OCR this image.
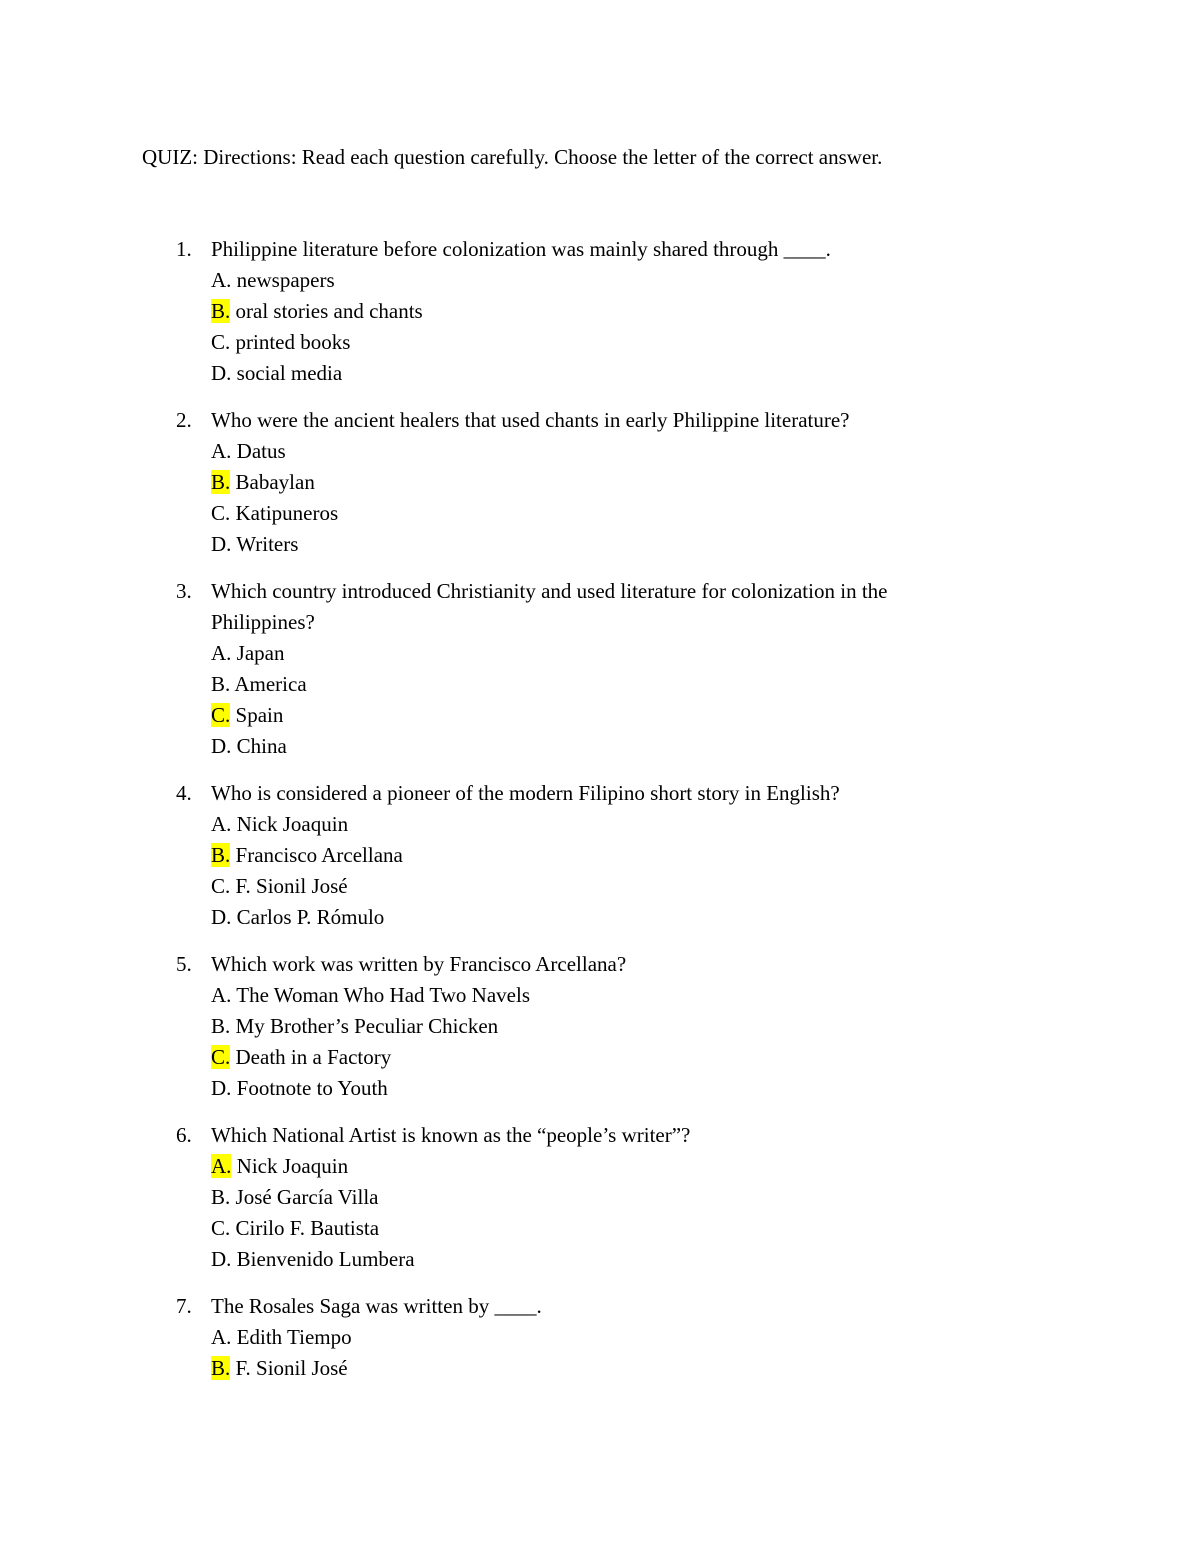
QUIZ: Directions: Read each question carefully. Choose the letter of the correct answer.
1. Philippine literature before colonization was mainly shared through ____.
A. newspapers
B. oral stories and chants
C. printed books
D. social media
2. Who were the ancient healers that used chants in early Philippine literature?
A. Datus
B. Babaylan
C. Katipuneros
D. Writers
3. Which country introduced Christianity and used literature for colonization in the Philippines?
A. Japan
B. America
C. Spain
D. China
4. Who is considered a pioneer of the modern Filipino short story in English?
A. Nick Joaquin
B. Francisco Arcellana
C. F. Sionil José
D. Carlos P. Rómulo
5. Which work was written by Francisco Arcellana?
A. The Woman Who Had Two Navels
B. My Brother’s Peculiar Chicken
C. Death in a Factory
D. Footnote to Youth
6. Which National Artist is known as the “people’s writer”?
A. Nick Joaquin
B. José García Villa
C. Cirilo F. Bautista
D. Bienvenido Lumbera
7. The Rosales Saga was written by ____.
A. Edith Tiempo
B. F. Sionil José
